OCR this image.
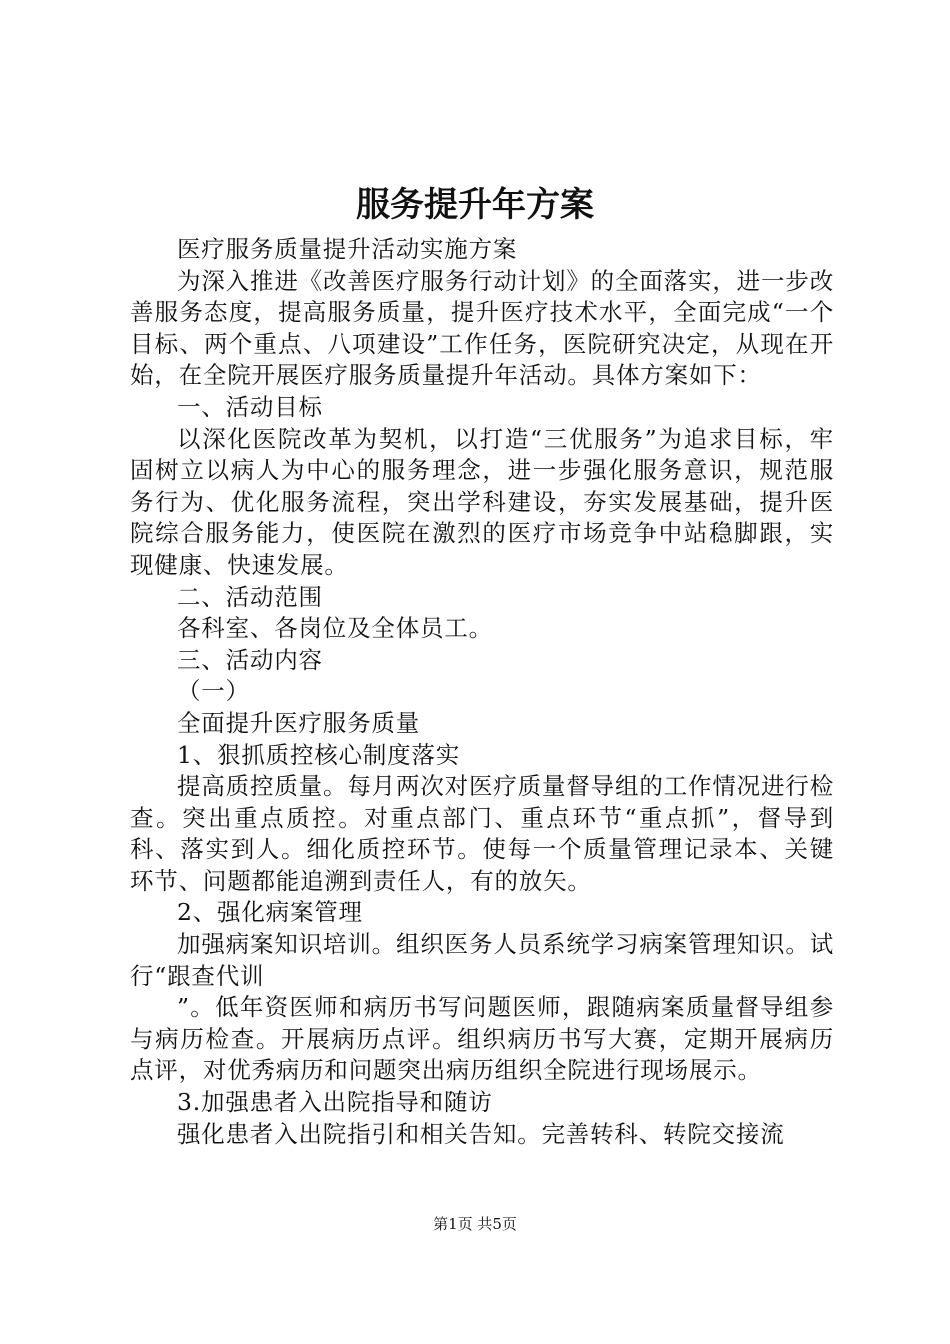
服务提升年方案

医疗服务质量提升活动实施方案

为深入推进《改善医疗服务行动计划》的全面落实，进一步改善服务态度，提高服务质量，提升医疗技术水平，全面完成“一个目标、两个重点、八项建设”工作任务，医院研究决定，从现在开始，在全院开展医疗服务质量提升年活动。具体方案如下：

一、活动目标

以深化医院改革为契机，以打造“三优服务”为追求目标，牢固树立以病人为中心的服务理念，进一步强化服务意识，规范服务行为、优化服务流程，突出学科建设，夯实发展基础，提升医院综合服务能力，使医院在激烈的医疗市场竞争中站稳脚跟，实现健康、快速发展。

二、活动范围

各科室、各岗位及全体员工。

三、活动内容

（一）

全面提升医疗服务质量

1、狠抓质控核心制度落实

提高质控质量。每月两次对医疗质量督导组的工作情况进行检查。突出重点质控。对重点部门、重点环节“重点抓”，督导到科、落实到人。细化质控环节。使每一个质量管理记录本、关键环节、问题都能追溯到责任人，有的放矢。

2、强化病案管理

加强病案知识培训。组织医务人员系统学习病案管理知识。试行“跟查代训

”。低年资医师和病历书写问题医师，跟随病案质量督导组参与病历检查。开展病历点评。组织病历书写大赛，定期开展病历点评，对优秀病历和问题突出病历组织全院进行现场展示。

3.加强患者入出院指导和随访

强化患者入出院指引和相关告知。完善转科、转院交接流

第1页 共5页
